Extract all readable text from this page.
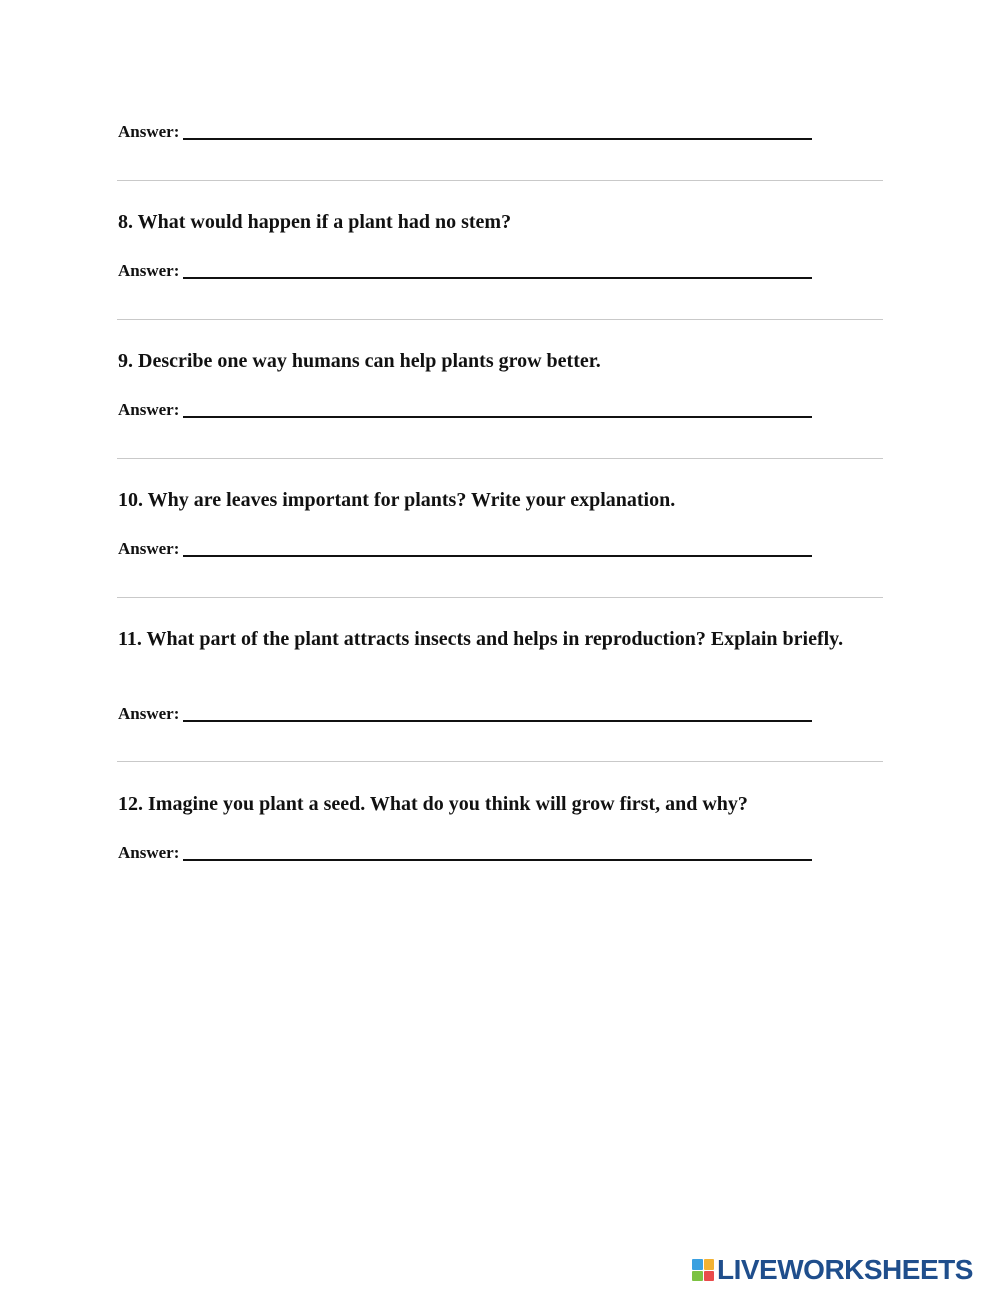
Answer:
8. What would happen if a plant had no stem?
Answer:
9. Describe one way humans can help plants grow better.
Answer:
10. Why are leaves important for plants? Write your explanation.
Answer:
11. What part of the plant attracts insects and helps in reproduction? Explain briefly.
Answer:
12. Imagine you plant a seed. What do you think will grow first, and why?
Answer:
LIVEWORKSHEETS
